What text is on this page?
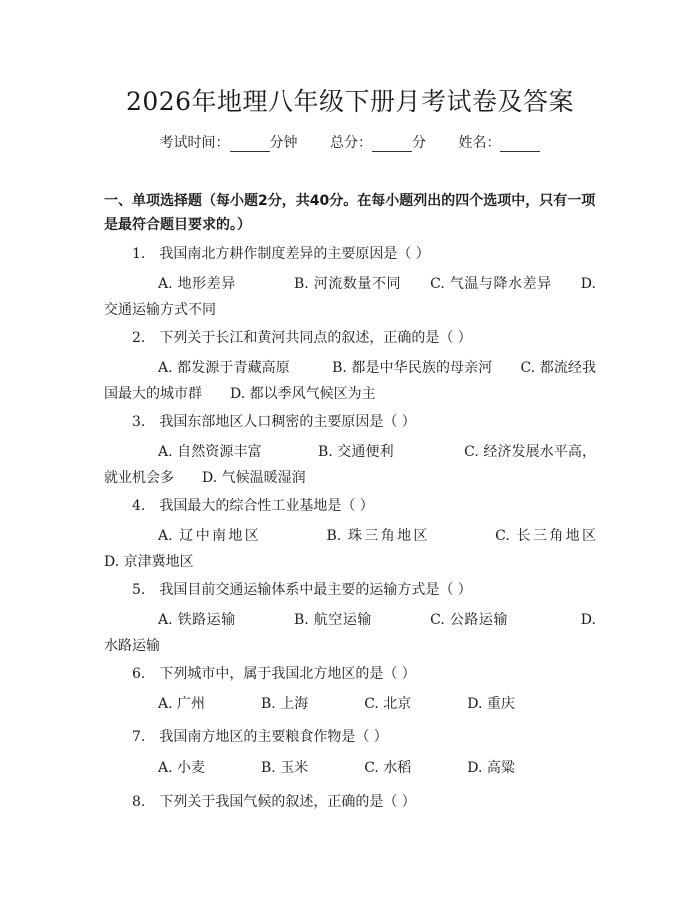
2026年地理八年级下册月考试卷及答案
考试时间：	分钟 总分：	分 姓名：
一、单项选择题（每小题2分，共40分。在每小题列出的四个选项中，只有一项是最符合题目要求的。）
1.　我国南北方耕作制度差异的主要原因是（ ）
A. 地形差异　　　　B. 河流数量不同　　C. 气温与降水差异　　D. 交通运输方式不同
2.　下列关于长江和黄河共同点的叙述，正确的是（ ）
A. 都发源于青藏高原　　　B. 都是中华民族的母亲河　　C. 都流经我国最大的城市群　　D. 都以季风气候区为主
3.　我国东部地区人口稠密的主要原因是（ ）
A. 自然资源丰富　　　　B. 交通便利　　　　　C. 经济发展水平高，就业机会多　　D. 气候温暖湿润
4.　我国最大的综合性工业基地是（ ）
A. 辽中南地区　　　　B. 珠三角地区　　　　C. 长三角地区　　　　　D. 京津冀地区
5.　我国目前交通运输体系中最主要的运输方式是（ ）
A. 铁路运输　　　　B. 航空运输　　　　C. 公路运输　　　　　D. 水路运输
6.　下列城市中，属于我国北方地区的是（ ）
A. 广州　　　　B. 上海　　　　C. 北京　　　　D. 重庆
7.　我国南方地区的主要粮食作物是（ ）
A. 小麦　　　　B. 玉米　　　　C. 水稻　　　　D. 高粱
8.　下列关于我国气候的叙述，正确的是（ ）
